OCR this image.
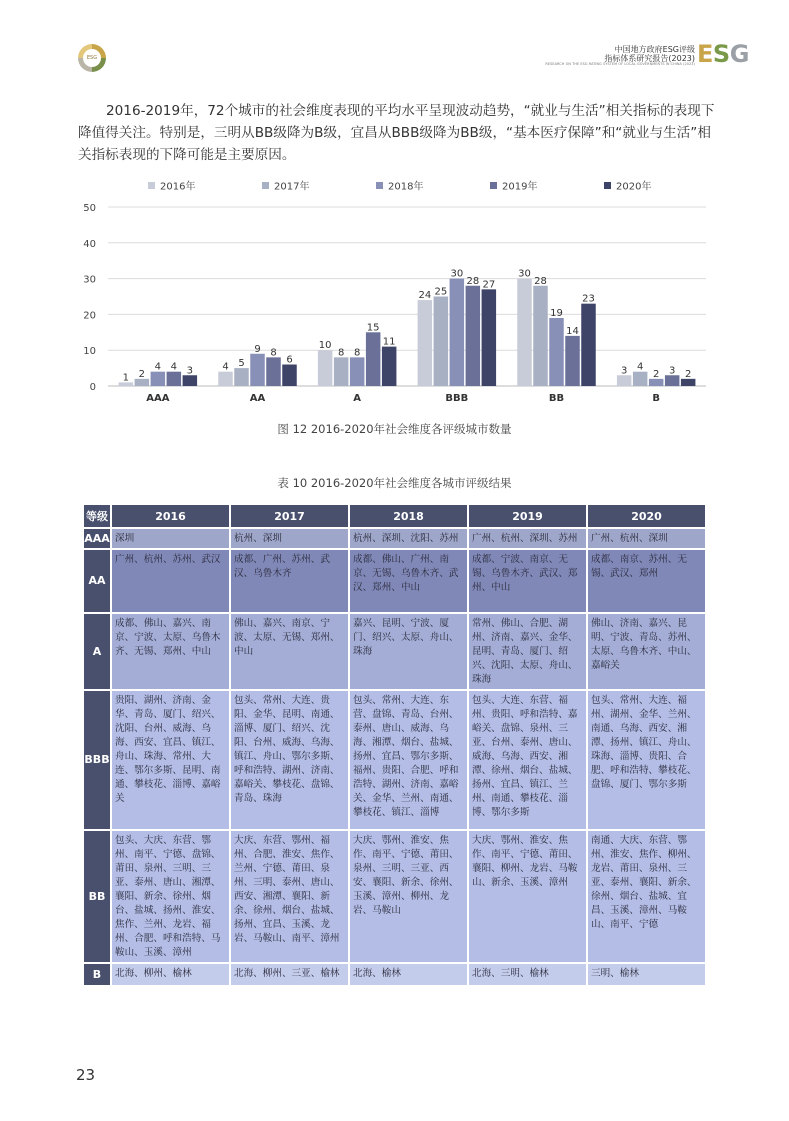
ESG
中国地方政府ESG评级
指标体系研究报告(2023)
RESEARCH ON THE ESG RATING SYSTEM OF LOCAL GOVERNMENTS IN CHINA (2023) ESG
2016-2019年，72个城市的社会维度表现的平均水平呈现波动趋势，“就业与生活”相关指标的表现下降值得关注。特别是，三明从BB级降为B级，宜昌从BBB级降为BB级，“基本医疗保障”和“就业与生活”相关指标表现的下降可能是主要原因。
0
10
20
30
40
50
2016年	2017年	2018年	2019年	2020年
1 2
4 4 3
AAA
4 5
9 8
6
AA
10
8 8
15
11
A
24 25
30
28 27
BBB
30
28
19
14
23
BB
3 4
2 3 2
B
图 12 2016-2020年社会维度各评级城市数量
表 10 2016-2020年社会维度各城市评级结果
等级	2016	2017	2018	2019	2020
AAA	深圳	杭州、深圳	杭州、深圳、沈阳、苏州	广州、杭州、深圳、苏州	广州、杭州、深圳
AA	广州、杭州、苏州、武汉	成都、广州、苏州、武汉、乌鲁木齐	成都、佛山、广州、南京、无锡、乌鲁木齐、武汉、郑州、中山	成都、宁波、南京、无锡、乌鲁木齐、武汉、郑州、中山	成都、南京、苏州、无锡、武汉、郑州
A	成都、佛山、嘉兴、南京、宁波、太原、乌鲁木齐、无锡、郑州、中山	佛山、嘉兴、南京、宁波、太原、无锡、郑州、中山	嘉兴、昆明、宁波、厦门、绍兴、太原、舟山、珠海	常州、佛山、合肥、湖州、济南、嘉兴、金华、昆明、青岛、厦门、绍兴、沈阳、太原、舟山、珠海	佛山、济南、嘉兴、昆明、宁波、青岛、苏州、太原、乌鲁木齐、中山、嘉峪关
BBB	贵阳、湖州、济南、金华、青岛、厦门、绍兴、沈阳、台州、威海、乌海、西安、宜昌、镇江、舟山、珠海、常州、大连、鄂尔多斯、昆明、南通、攀枝花、淄博、嘉峪关	包头、常州、大连、贵阳、金华、昆明、南通、淄博、厦门、绍兴、沈阳、台州、威海、乌海、镇江、舟山、鄂尔多斯、呼和浩特、湖州、济南、嘉峪关、攀枝花、盘锦、青岛、珠海	包头、常州、大连、东营、盘锦、青岛、台州、泰州、唐山、威海、乌海、湘潭、烟台、盐城、扬州、宜昌、鄂尔多斯、福州、贵阳、合肥、呼和浩特、湖州、济南、嘉峪关、金华、兰州、南通、攀枝花、镇江、淄博	包头、大连、东营、福州、贵阳、呼和浩特、嘉峪关、盘锦、泉州、三亚、台州、泰州、唐山、威海、乌海、西安、湘潭、徐州、烟台、盐城、扬州、宜昌、镇江、兰州、南通、攀枝花、淄博、鄂尔多斯	包头、常州、大连、福州、湖州、金华、兰州、南通、乌海、西安、湘潭、扬州、镇江、舟山、珠海、淄博、贵阳、合肥、呼和浩特、攀枝花、盘锦、厦门、鄂尔多斯
BB	包头、大庆、东营、鄂州、南平、宁德、盘锦、莆田、泉州、三明、三亚、泰州、唐山、湘潭、襄阳、新余、徐州、烟台、盐城、扬州、淮安、焦作、兰州、龙岩、福州、合肥、呼和浩特、马鞍山、玉溪、漳州	大庆、东营、鄂州、福州、合肥、淮安、焦作、兰州、宁德、莆田、泉州、三明、泰州、唐山、西安、湘潭、襄阳、新余、徐州、烟台、盐城、扬州、宜昌、玉溪、龙岩、马鞍山、南平、漳州	大庆、鄂州、淮安、焦作、南平、宁德、莆田、泉州、三明、三亚、西安、襄阳、新余、徐州、玉溪、漳州、柳州、龙岩、马鞍山	大庆、鄂州、淮安、焦作、南平、宁德、莆田、襄阳、柳州、龙岩、马鞍山、新余、玉溪、漳州	南通、大庆、东营、鄂州、淮安、焦作、柳州、龙岩、莆田、泉州、三亚、泰州、襄阳、新余、徐州、烟台、盐城、宜昌、玉溪、漳州、马鞍山、南平、宁德
B	北海、柳州、榆林	北海、柳州、三亚、榆林	北海、榆林	北海、三明、榆林	三明、榆林
23
